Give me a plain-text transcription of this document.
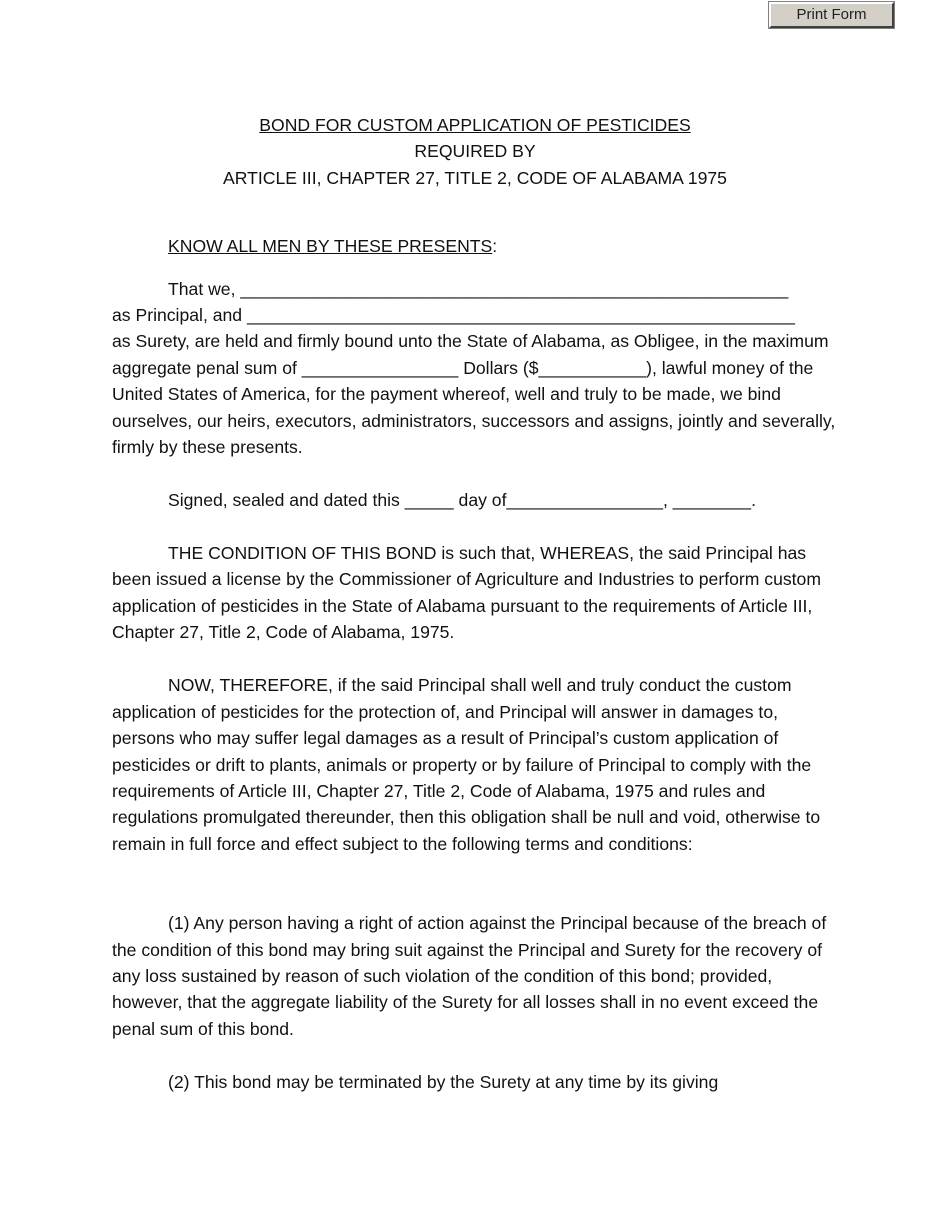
Print Form
BOND FOR CUSTOM APPLICATION OF PESTICIDES
REQUIRED BY
ARTICLE III, CHAPTER 27, TITLE 2, CODE OF ALABAMA 1975
KNOW ALL MEN BY THESE PRESENTS:
That we, ________________________________________________________
as Principal, and ________________________________________________________

as Surety, are held and firmly bound unto the State of Alabama, as Obligee, in the maximum aggregate penal sum of ________________ Dollars ($___________), lawful money of the United States of America, for the payment whereof, well and truly to be made, we bind ourselves, our heirs, executors, administrators, successors and assigns, jointly and severally, firmly by these presents.

Signed, sealed and dated this _____ day of________________, ________.

THE CONDITION OF THIS BOND is such that, WHEREAS, the said Principal has been issued a license by the Commissioner of Agriculture and Industries to perform custom application of pesticides in the State of Alabama pursuant to the requirements of Article III, Chapter 27, Title 2, Code of Alabama, 1975.

NOW, THEREFORE, if the said Principal shall well and truly conduct the custom application of pesticides for the protection of, and Principal will answer in damages to, persons who may suffer legal damages as a result of Principal’s custom application of pesticides or drift to plants, animals or property or by failure of Principal to comply with the requirements of Article III, Chapter 27, Title 2, Code of Alabama, 1975 and rules and regulations promulgated thereunder, then this obligation shall be null and void, otherwise to remain in full force and effect subject to the following terms and conditions:

(1) Any person having a right of action against the Principal because of the breach of the condition of this bond may bring suit against the Principal and Surety for the recovery of any loss sustained by reason of such violation of the condition of this bond; provided, however, that the aggregate liability of the Surety for all losses shall in no event exceed the penal sum of this bond.

(2) This bond may be terminated by the Surety at any time by its giving
